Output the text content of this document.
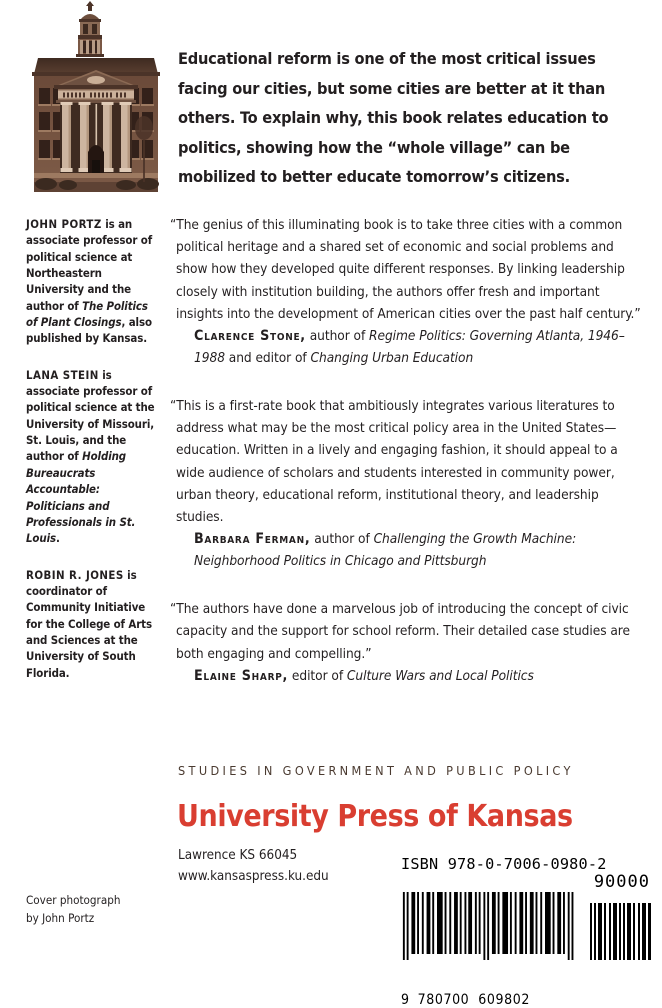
Educational reform is one of the most critical issues facing our cities, but some cities are better at it than others. To explain why, this book relates education to politics, showing how the “whole village” can be mobilized to better educate tomorrow’s citizens.

JOHN PORTZ is an associate professor of political science at Northeastern University and the author of The Politics of Plant Closings, also published by Kansas.

LANA STEIN is associate professor of political science at the University of Missouri, St. Louis, and the author of Holding Bureaucrats Accountable: Politicians and Professionals in St. Louis.

ROBIN R. JONES is coordinator of Community Initiative for the College of Arts and Sciences at the University of South Florida.

“The genius of this illuminating book is to take three cities with a common political heritage and a shared set of economic and social problems and show how they developed quite different responses. By linking leadership closely with institution building, the authors offer fresh and important insights into the development of American cities over the past half century.”
Clarence Stone, author of Regime Politics: Governing Atlanta, 1946–1988 and editor of Changing Urban Education
“This is a first-rate book that ambitiously integrates various literatures to address what may be the most critical policy area in the United States—education. Written in a lively and engaging fashion, it should appeal to a wide audience of scholars and students interested in community power, urban theory, educational reform, institutional theory, and leadership studies.
Barbara Ferman, author of Challenging the Growth Machine: Neighborhood Politics in Chicago and Pittsburgh
“The authors have done a marvelous job of introducing the concept of civic capacity and the support for school reform. Their detailed case studies are both engaging and compelling.”
Elaine Sharp, editor of Culture Wars and Local Politics
STUDIES IN GOVERNMENT AND PUBLIC POLICY
University Press of Kansas
Lawrence KS 66045
www.kansaspress.ku.edu
Cover photograph
by John Portz
ISBN 978-0-7006-0980-2
90000
9 780700 609802
